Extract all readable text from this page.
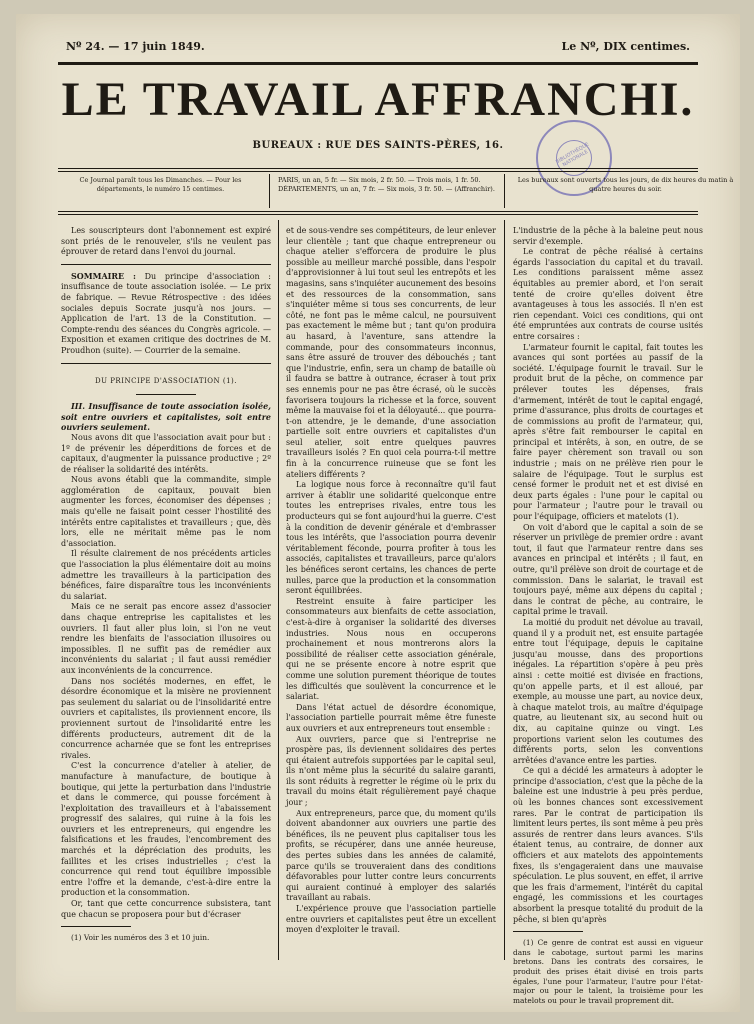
Nº 24. — 17 juin 1849.	Le Nº, DIX centimes.
LE TRAVAIL AFFRANCHI.
BUREAUX : RUE DES SAINTS-PÈRES, 16.	BIBLIOTHÈQUE NATIONALE
Ce Journal paraît tous les Dimanches. — Pour les départements, le numéro 15 centimes.
PARIS, un an, 5 fr. — Six mois, 2 fr. 50. — Trois mois, 1 fr. 50. DÉPARTEMENTS, un an, 7 fr. — Six mois, 3 fr. 50. — (Affranchir).
Les bureaux sont ouverts tous les jours, de dix heures du matin à quatre heures du soir.

Les souscripteurs dont l'abonnement est expiré sont priés de le renouveler, s'ils ne veulent pas éprouver de retard dans l'envoi du journal.

SOMMAIRE : Du principe d'association : insuffisance de toute association isolée. — Le prix de fabrique. — Revue Rétrospective : des idées sociales depuis Socrate jusqu'à nos jours. — Application de l'art. 13 de la Constitution. — Compte-rendu des séances du Congrès agricole. — Exposition et examen critique des doctrines de M. Proudhon (suite). — Courrier de la semaine.

DU PRINCIPE D'ASSOCIATION (1).

III. Insuffisance de toute association isolée, soit entre ouvriers et capitalistes, soit entre ouvriers seulement.

Nous avons dit que l'association avait pour but : 1º de prévenir les déperditions de forces et de capitaux, d'augmenter la puissance productive ; 2º de réaliser la solidarité des intérêts.

Nous avons établi que la commandite, simple agglomération de capitaux, pouvait bien augmenter les forces, économiser des dépenses ; mais qu'elle ne faisait point cesser l'hostilité des intérêts entre capitalistes et travailleurs ; que, dès lors, elle ne méritait même pas le nom d'association.

Il résulte clairement de nos précédents articles que l'association la plus élémentaire doit au moins admettre les travailleurs à la participation des bénéfices, faire disparaître tous les inconvénients du salariat.

Mais ce ne serait pas encore assez d'associer dans chaque entreprise les capitalistes et les ouvriers. Il faut aller plus loin, si l'on ne veut rendre les bienfaits de l'association illusoires ou impossibles. Il ne suffit pas de remédier aux inconvénients du salariat ; il faut aussi remédier aux inconvénients de la concurrence.

Dans nos sociétés modernes, en effet, le désordre économique et la misère ne proviennent pas seulement du salariat ou de l'insolidarité entre ouvriers et capitalistes, ils proviennent encore, ils proviennent surtout de l'insolidarité entre les différents producteurs, autrement dit de la concurrence acharnée que se font les entreprises rivales.

C'est la concurrence d'atelier à atelier, de manufacture à manufacture, de boutique à boutique, qui jette la perturbation dans l'industrie et dans le commerce, qui pousse forcément à l'exploitation des travailleurs et à l'abaissement progressif des salaires, qui ruine à la fois les ouvriers et les entrepreneurs, qui engendre les falsifications et les fraudes, l'encombrement des marchés et la dépréciation des produits, les faillites et les crises industrielles ; c'est la concurrence qui rend tout équilibre impossible entre l'offre et la demande, c'est-à-dire entre la production et la consommation.

Or, tant que cette concurrence subsistera, tant que chacun se proposera pour but d'écraser

(1) Voir les numéros des 3 et 10 juin.

et de sous-vendre ses compétiteurs, de leur enlever leur clientèle ; tant que chaque entrepreneur ou chaque atelier s'efforcera de produire le plus possible au meilleur marché possible, dans l'espoir d'approvisionner à lui tout seul les entrepôts et les magasins, sans s'inquiéter aucunement des besoins et des ressources de la consommation, sans s'inquiéter même si tous ses concurrents, de leur côté, ne font pas le même calcul, ne poursuivent pas exactement le même but ; tant qu'on produira au hasard, à l'aventure, sans attendre la commande, pour des consommateurs inconnus, sans être assuré de trouver des débouchés ; tant que l'industrie, enfin, sera un champ de bataille où il faudra se battre à outrance, écraser à tout prix ses ennemis pour ne pas être écrasé, où le succès favorisera toujours la richesse et la force, souvent même la mauvaise foi et la déloyauté... que pourra-t-on attendre, je le demande, d'une association partielle soit entre ouvriers et capitalistes d'un seul atelier, soit entre quelques pauvres travailleurs isolés ? En quoi cela pourra-t-il mettre fin à la concurrence ruineuse que se font les ateliers différents ?

La logique nous force à reconnaître qu'il faut arriver à établir une solidarité quelconque entre toutes les entreprises rivales, entre tous les producteurs qui se font aujourd'hui la guerre. C'est à la condition de devenir générale et d'embrasser tous les intérêts, que l'association pourra devenir véritablement féconde, pourra profiter à tous les associés, capitalistes et travailleurs, parce qu'alors les bénéfices seront certains, les chances de perte nulles, parce que la production et la consommation seront équilibrées.

Restreint ensuite à faire participer les consommateurs aux bienfaits de cette association, c'est-à-dire à organiser la solidarité des diverses industries. Nous nous en occuperons prochainement et nous montrerons alors la possibilité de réaliser cette association générale, qui ne se présente encore à notre esprit que comme une solution purement théorique de toutes les difficultés que soulèvent la concurrence et le salariat.

Dans l'état actuel de désordre économique, l'association partielle pourrait même être funeste aux ouvriers et aux entrepreneurs tout ensemble :

Aux ouvriers, parce que si l'entreprise ne prospère pas, ils deviennent solidaires des pertes qui étaient autrefois supportées par le capital seul, ils n'ont même plus la sécurité du salaire garanti, ils sont réduits à regretter le régime où le prix du travail du moins était régulièrement payé chaque jour ;

Aux entrepreneurs, parce que, du moment qu'ils doivent abandonner aux ouvriers une partie des bénéfices, ils ne peuvent plus capitaliser tous les profits, se récupérer, dans une année heureuse, des pertes subies dans les années de calamité, parce qu'ils se trouveraient dans des conditions défavorables pour lutter contre leurs concurrents qui auraient continué à employer des salariés travaillant au rabais.

L'expérience prouve que l'association partielle entre ouvriers et capitalistes peut être un excellent moyen d'exploiter le travail.

L'industrie de la pêche à la baleine peut nous servir d'exemple.

Le contrat de pêche réalisé à certains égards l'association du capital et du travail. Les conditions paraissent même assez équitables au premier abord, et l'on serait tenté de croire qu'elles doivent être avantageuses à tous les associés. Il n'en est rien cependant. Voici ces conditions, qui ont été empruntées aux contrats de course usités entre corsaires :

L'armateur fournit le capital, fait toutes les avances qui sont portées au passif de la société. L'équipage fournit le travail. Sur le produit brut de la pêche, on commence par prélever toutes les dépenses, frais d'armement, intérêt de tout le capital engagé, prime d'assurance, plus droits de courtages et de commissions au profit de l'armateur, qui, après s'être fait rembourser le capital en principal et intérêts, à son, en outre, de se faire payer chèrement son travail ou son industrie ; mais on ne prélève rien pour le salaire de l'équipage. Tout le surplus est censé former le produit net et est divisé en deux parts égales : l'une pour le capital ou pour l'armateur ; l'autre pour le travail ou pour l'équipage, officiers et matelots (1).

On voit d'abord que le capital a soin de se réserver un privilège de premier ordre : avant tout, il faut que l'armateur rentre dans ses avances en principal et intérêts ; il faut, en outre, qu'il prélève son droit de courtage et de commission. Dans le salariat, le travail est toujours payé, même aux dépens du capital ; dans le contrat de pêche, au contraire, le capital prime le travail.

La moitié du produit net dévolue au travail, quand il y a produit net, est ensuite partagée entre tout l'équipage, depuis le capitaine jusqu'au mousse, dans des proportions inégales. La répartition s'opère à peu près ainsi : cette moitié est divisée en fractions, qu'on appelle parts, et il est alloué, par exemple, au mousse une part, au novice deux, à chaque matelot trois, au maître d'équipage quatre, au lieutenant six, au second huit ou dix, au capitaine quinze ou vingt. Les proportions varient selon les coutumes des différents ports, selon les conventions arrêtées d'avance entre les parties.

Ce qui a décidé les armateurs à adopter le principe d'association, c'est que la pêche de la baleine est une industrie à peu près perdue, où les bonnes chances sont excessivement rares. Par le contrat de participation ils limitent leurs pertes, ils sont même à peu près assurés de rentrer dans leurs avances. S'ils étaient tenus, au contraire, de donner aux officiers et aux matelots des appointements fixes, ils s'engageraient dans une mauvaise spéculation. Le plus souvent, en effet, il arrive que les frais d'armement, l'intérêt du capital engagé, les commissions et les courtages absorbent la presque totalité du produit de la pêche, si bien qu'après

(1) Ce genre de contrat est aussi en vigueur dans le cabotage, surtout parmi les marins bretons. Dans les contrats des corsaires, le produit des prises était divisé en trois parts égales, l'une pour l'armateur, l'autre pour l'état-major ou pour le talent, la troisième pour les matelots ou pour le travail proprement dit.
